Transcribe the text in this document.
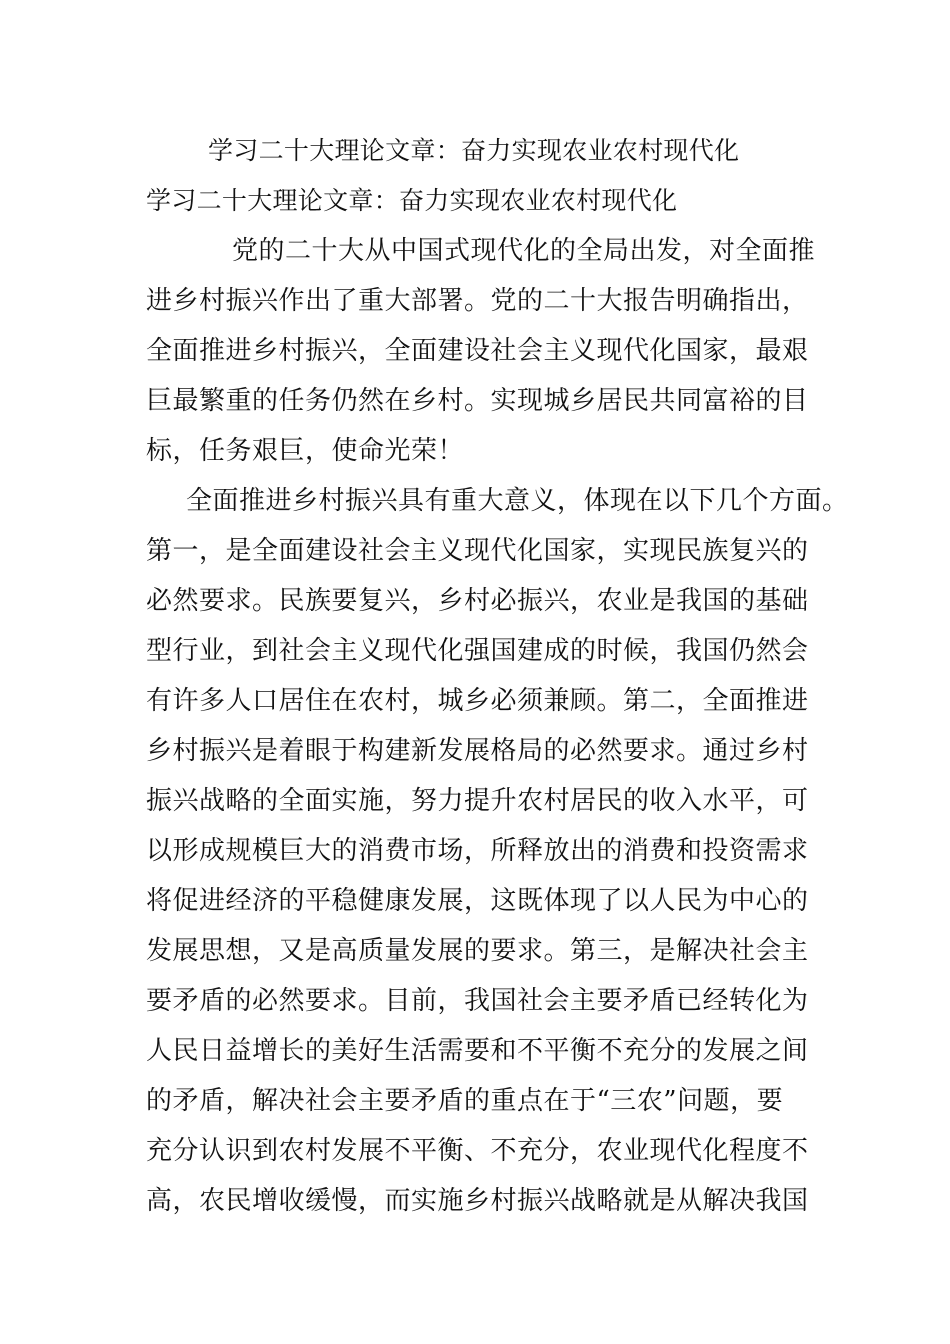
学习二十大理论文章：奋力实现农业农村现代化
学习二十大理论文章：奋力实现农业农村现代化
党的二十大从中国式现代化的全局出发，对全面推
进乡村振兴作出了重大部署。党的二十大报告明确指出，
全面推进乡村振兴，全面建设社会主义现代化国家，最艰
巨最繁重的任务仍然在乡村。实现城乡居民共同富裕的目
标，任务艰巨，使命光荣！
全面推进乡村振兴具有重大意义，体现在以下几个方面。
第一，是全面建设社会主义现代化国家，实现民族复兴的
必然要求。民族要复兴，乡村必振兴，农业是我国的基础
型行业，到社会主义现代化强国建成的时候，我国仍然会
有许多人口居住在农村，城乡必须兼顾。第二，全面推进
乡村振兴是着眼于构建新发展格局的必然要求。通过乡村
振兴战略的全面实施，努力提升农村居民的收入水平，可
以形成规模巨大的消费市场，所释放出的消费和投资需求
将促进经济的平稳健康发展，这既体现了以人民为中心的
发展思想，又是高质量发展的要求。第三，是解决社会主
要矛盾的必然要求。目前，我国社会主要矛盾已经转化为
人民日益增长的美好生活需要和不平衡不充分的发展之间
的矛盾，解决社会主要矛盾的重点在于“三农”问题，要
充分认识到农村发展不平衡、不充分，农业现代化程度不
高，农民增收缓慢，而实施乡村振兴战略就是从解决我国
